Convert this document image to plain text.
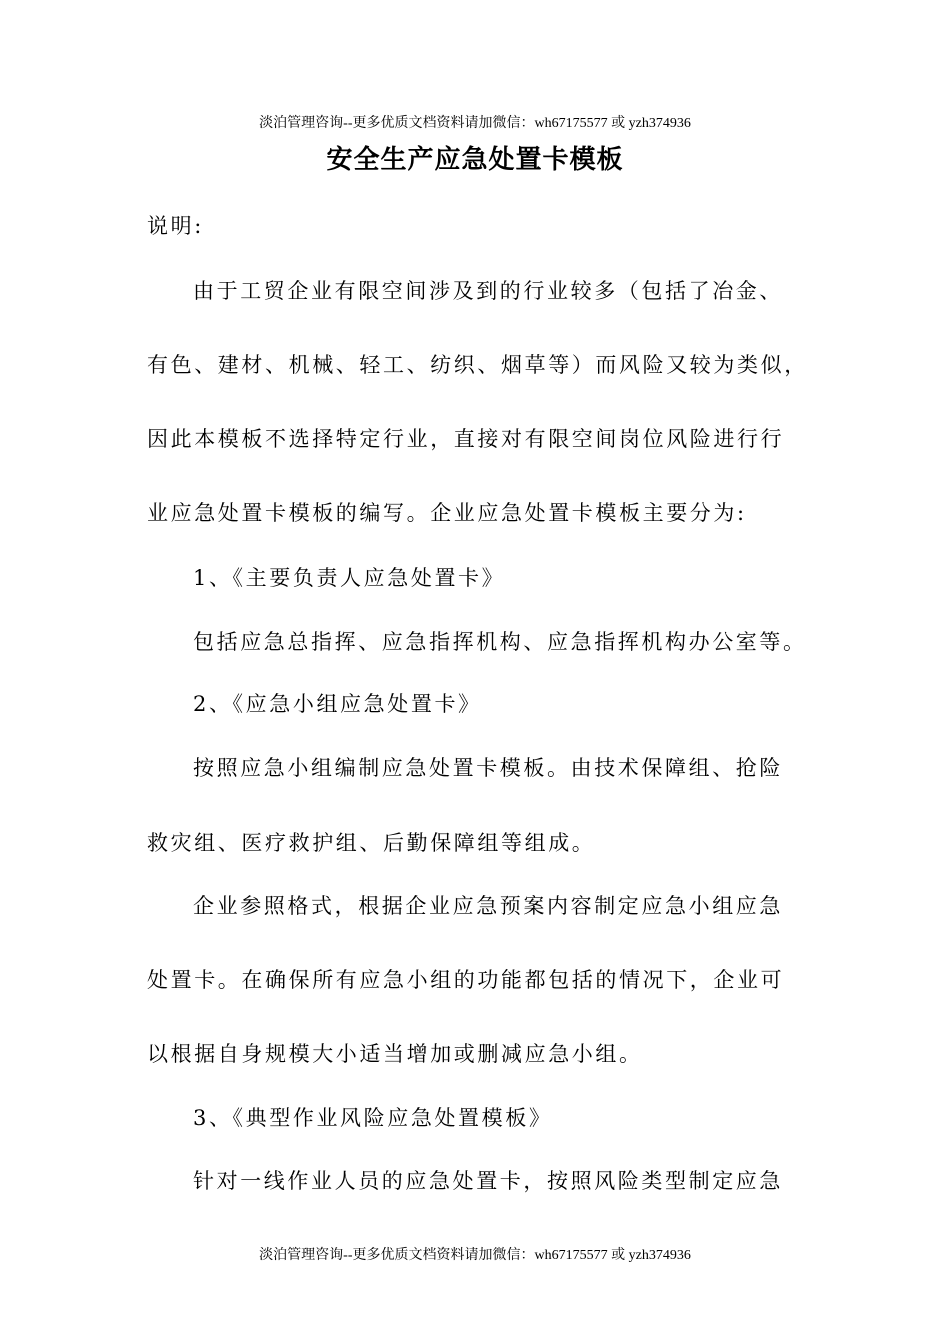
淡泊管理咨询--更多优质文档资料请加微信：wh67175577 或 yzh374936
安全生产应急处置卡模板
说明:
由于工贸企业有限空间涉及到的行业较多（包括了冶金、
有色、建材、机械、轻工、纺织、烟草等）而风险又较为类似，
因此本模板不选择特定行业，直接对有限空间岗位风险进行行
业应急处置卡模板的编写。企业应急处置卡模板主要分为:
1、《主要负责人应急处置卡》
包括应急总指挥、应急指挥机构、应急指挥机构办公室等。
2、《应急小组应急处置卡》
按照应急小组编制应急处置卡模板。由技术保障组、抢险
救灾组、医疗救护组、后勤保障组等组成。
企业参照格式，根据企业应急预案内容制定应急小组应急
处置卡。在确保所有应急小组的功能都包括的情况下，企业可
以根据自身规模大小适当增加或删减应急小组。
3、《典型作业风险应急处置模板》
针对一线作业人员的应急处置卡，按照风险类型制定应急
淡泊管理咨询--更多优质文档资料请加微信：wh67175577 或 yzh374936
